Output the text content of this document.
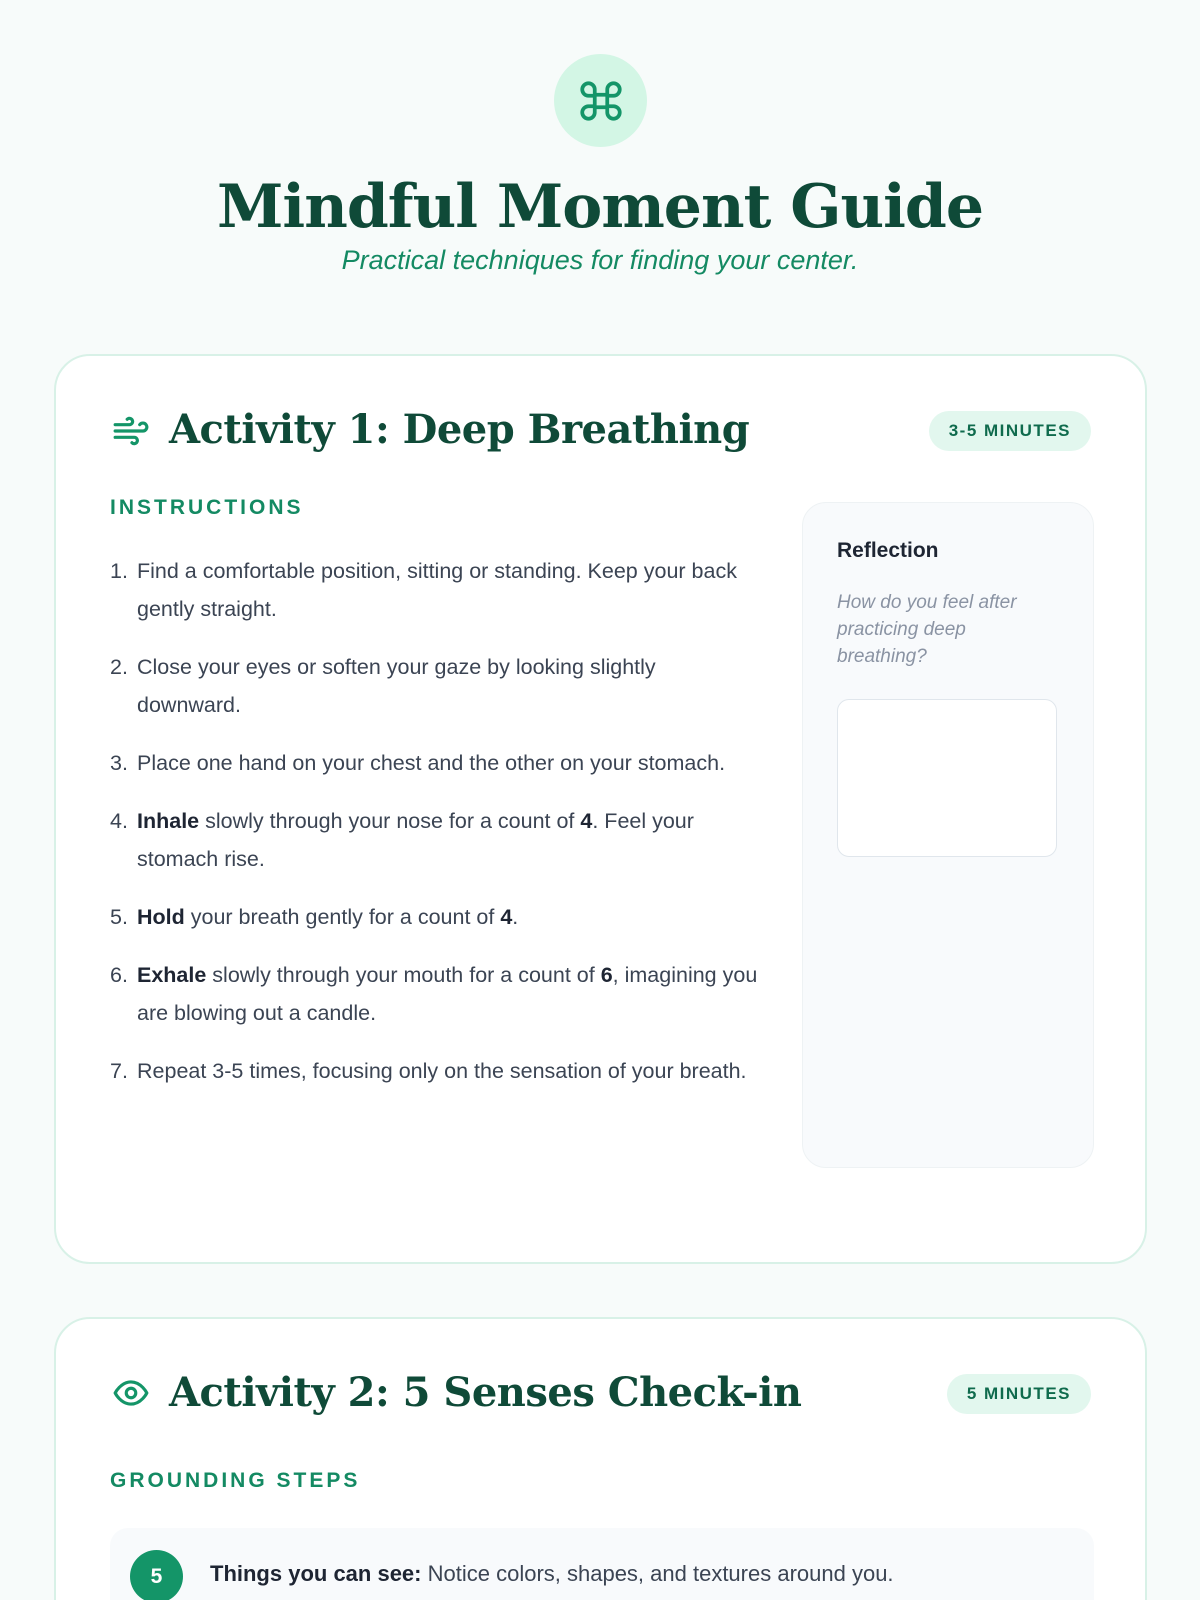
Mindful Moment Guide

Practical techniques for finding your center.

Activity 1: Deep Breathing	3-5 MINUTES
INSTRUCTIONS
1. Find a comfortable position, sitting or standing. Keep your back gently straight.
2. Close your eyes or soften your gaze by looking slightly downward.
3. Place one hand on your chest and the other on your stomach.
4. Inhale slowly through your nose for a count of 4. Feel your stomach rise.
5. Hold your breath gently for a count of 4.
6. Exhale slowly through your mouth for a count of 6, imagining you are blowing out a candle.
7. Repeat 3-5 times, focusing only on the sensation of your breath.
Reflection

How do you feel after practicing deep breathing?

Activity 2: 5 Senses Check-in	5 MINUTES
GROUNDING STEPS
5	Things you can see: Notice colors, shapes, and textures around you.
